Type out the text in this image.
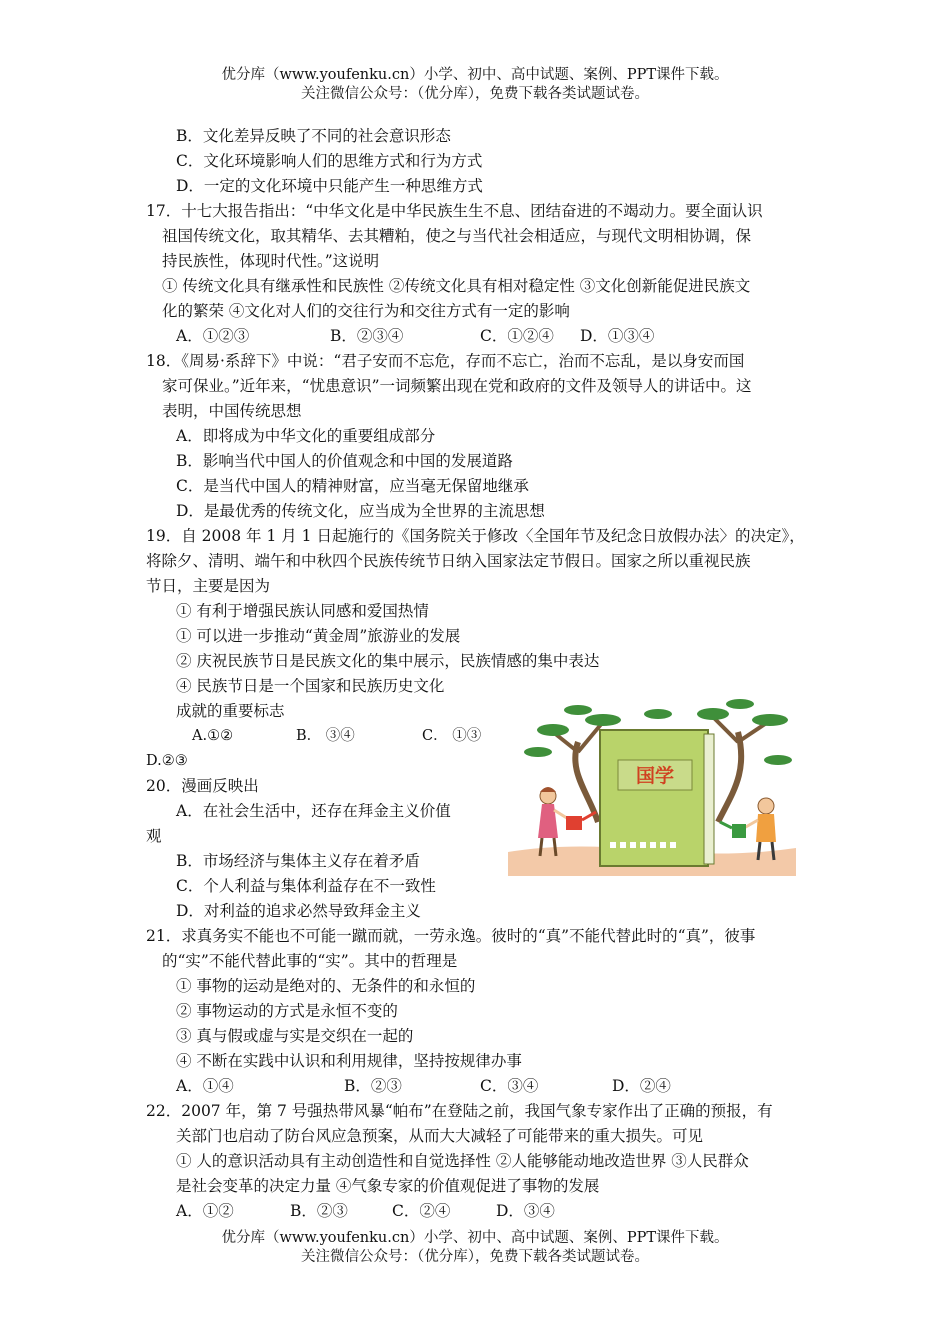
优分库（www.youfenku.cn）小学、初中、高中试题、案例、PPT课件下载。
关注微信公众号：（优分库），免费下载各类试题试卷。
B．文化差异反映了不同的社会意识形态
C．文化环境影响人们的思维方式和行为方式
D．一定的文化环境中只能产生一种思维方式
17．十七大报告指出：“中华文化是中华民族生生不息、团结奋进的不竭动力。要全面认识
祖国传统文化，取其精华、去其糟粕，使之与当代社会相适应，与现代文明相协调，保
持民族性，体现时代性。”这说明
① 传统文化具有继承性和民族性 ②传统文化具有相对稳定性 ③文化创新能促进民族文
化的繁荣 ④文化对人们的交往行为和交往方式有一定的影响
A．①②③	B．②③④	C．①②④ D．①③④
18．《周易·系辞下》中说：“君子安而不忘危，存而不忘亡，治而不忘乱，是以身安而国
家可保业。”近年来，“忧患意识”一词频繁出现在党和政府的文件及领导人的讲话中。这
表明，中国传统思想
A．即将成为中华文化的重要组成部分
B．影响当代中国人的价值观念和中国的发展道路
C．是当代中国人的精神财富，应当毫无保留地继承
D．是最优秀的传统文化，应当成为全世界的主流思想
19．自 2008 年 1 月 1 日起施行的《国务院关于修改〈全国年节及纪念日放假办法〉的决定》，
将除夕、清明、端午和中秋四个民族传统节日纳入国家法定节假日。国家之所以重视民族
节日，主要是因为
① 有利于增强民族认同感和爱国热情
① 可以进一步推动“黄金周”旅游业的发展
② 庆祝民族节日是民族文化的集中展示，民族情感的集中表达
④ 民族节日是一个国家和民族历史文化
成就的重要标志
A.①②	B． ③④	C． ①③
D.②③
20．漫画反映出
A．在社会生活中，还存在拜金主义价值
观
B．市场经济与集体主义存在着矛盾
C．个人利益与集体利益存在不一致性
D．对利益的追求必然导致拜金主义
国学
21．求真务实不能也不可能一蹴而就，一劳永逸。彼时的“真”不能代替此时的“真”，彼事
的“实”不能代替此事的“实”。其中的哲理是
① 事物的运动是绝对的、无条件的和永恒的
② 事物运动的方式是永恒不变的
③ 真与假或虚与实是交织在一起的
④ 不断在实践中认识和利用规律，坚持按规律办事
A．①④	B．②③	C．③④	D．②④
22．2007 年，第 7 号强热带风暴“帕布”在登陆之前，我国气象专家作出了正确的预报，有
关部门也启动了防台风应急预案，从而大大减轻了可能带来的重大损失。可见
① 人的意识活动具有主动创造性和自觉选择性 ②人能够能动地改造世界 ③人民群众
是社会变革的决定力量 ④气象专家的价值观促进了事物的发展
A．①②	B．②③	C．②④	D．③④
优分库（www.youfenku.cn）小学、初中、高中试题、案例、PPT课件下载。
关注微信公众号：（优分库），免费下载各类试题试卷。
